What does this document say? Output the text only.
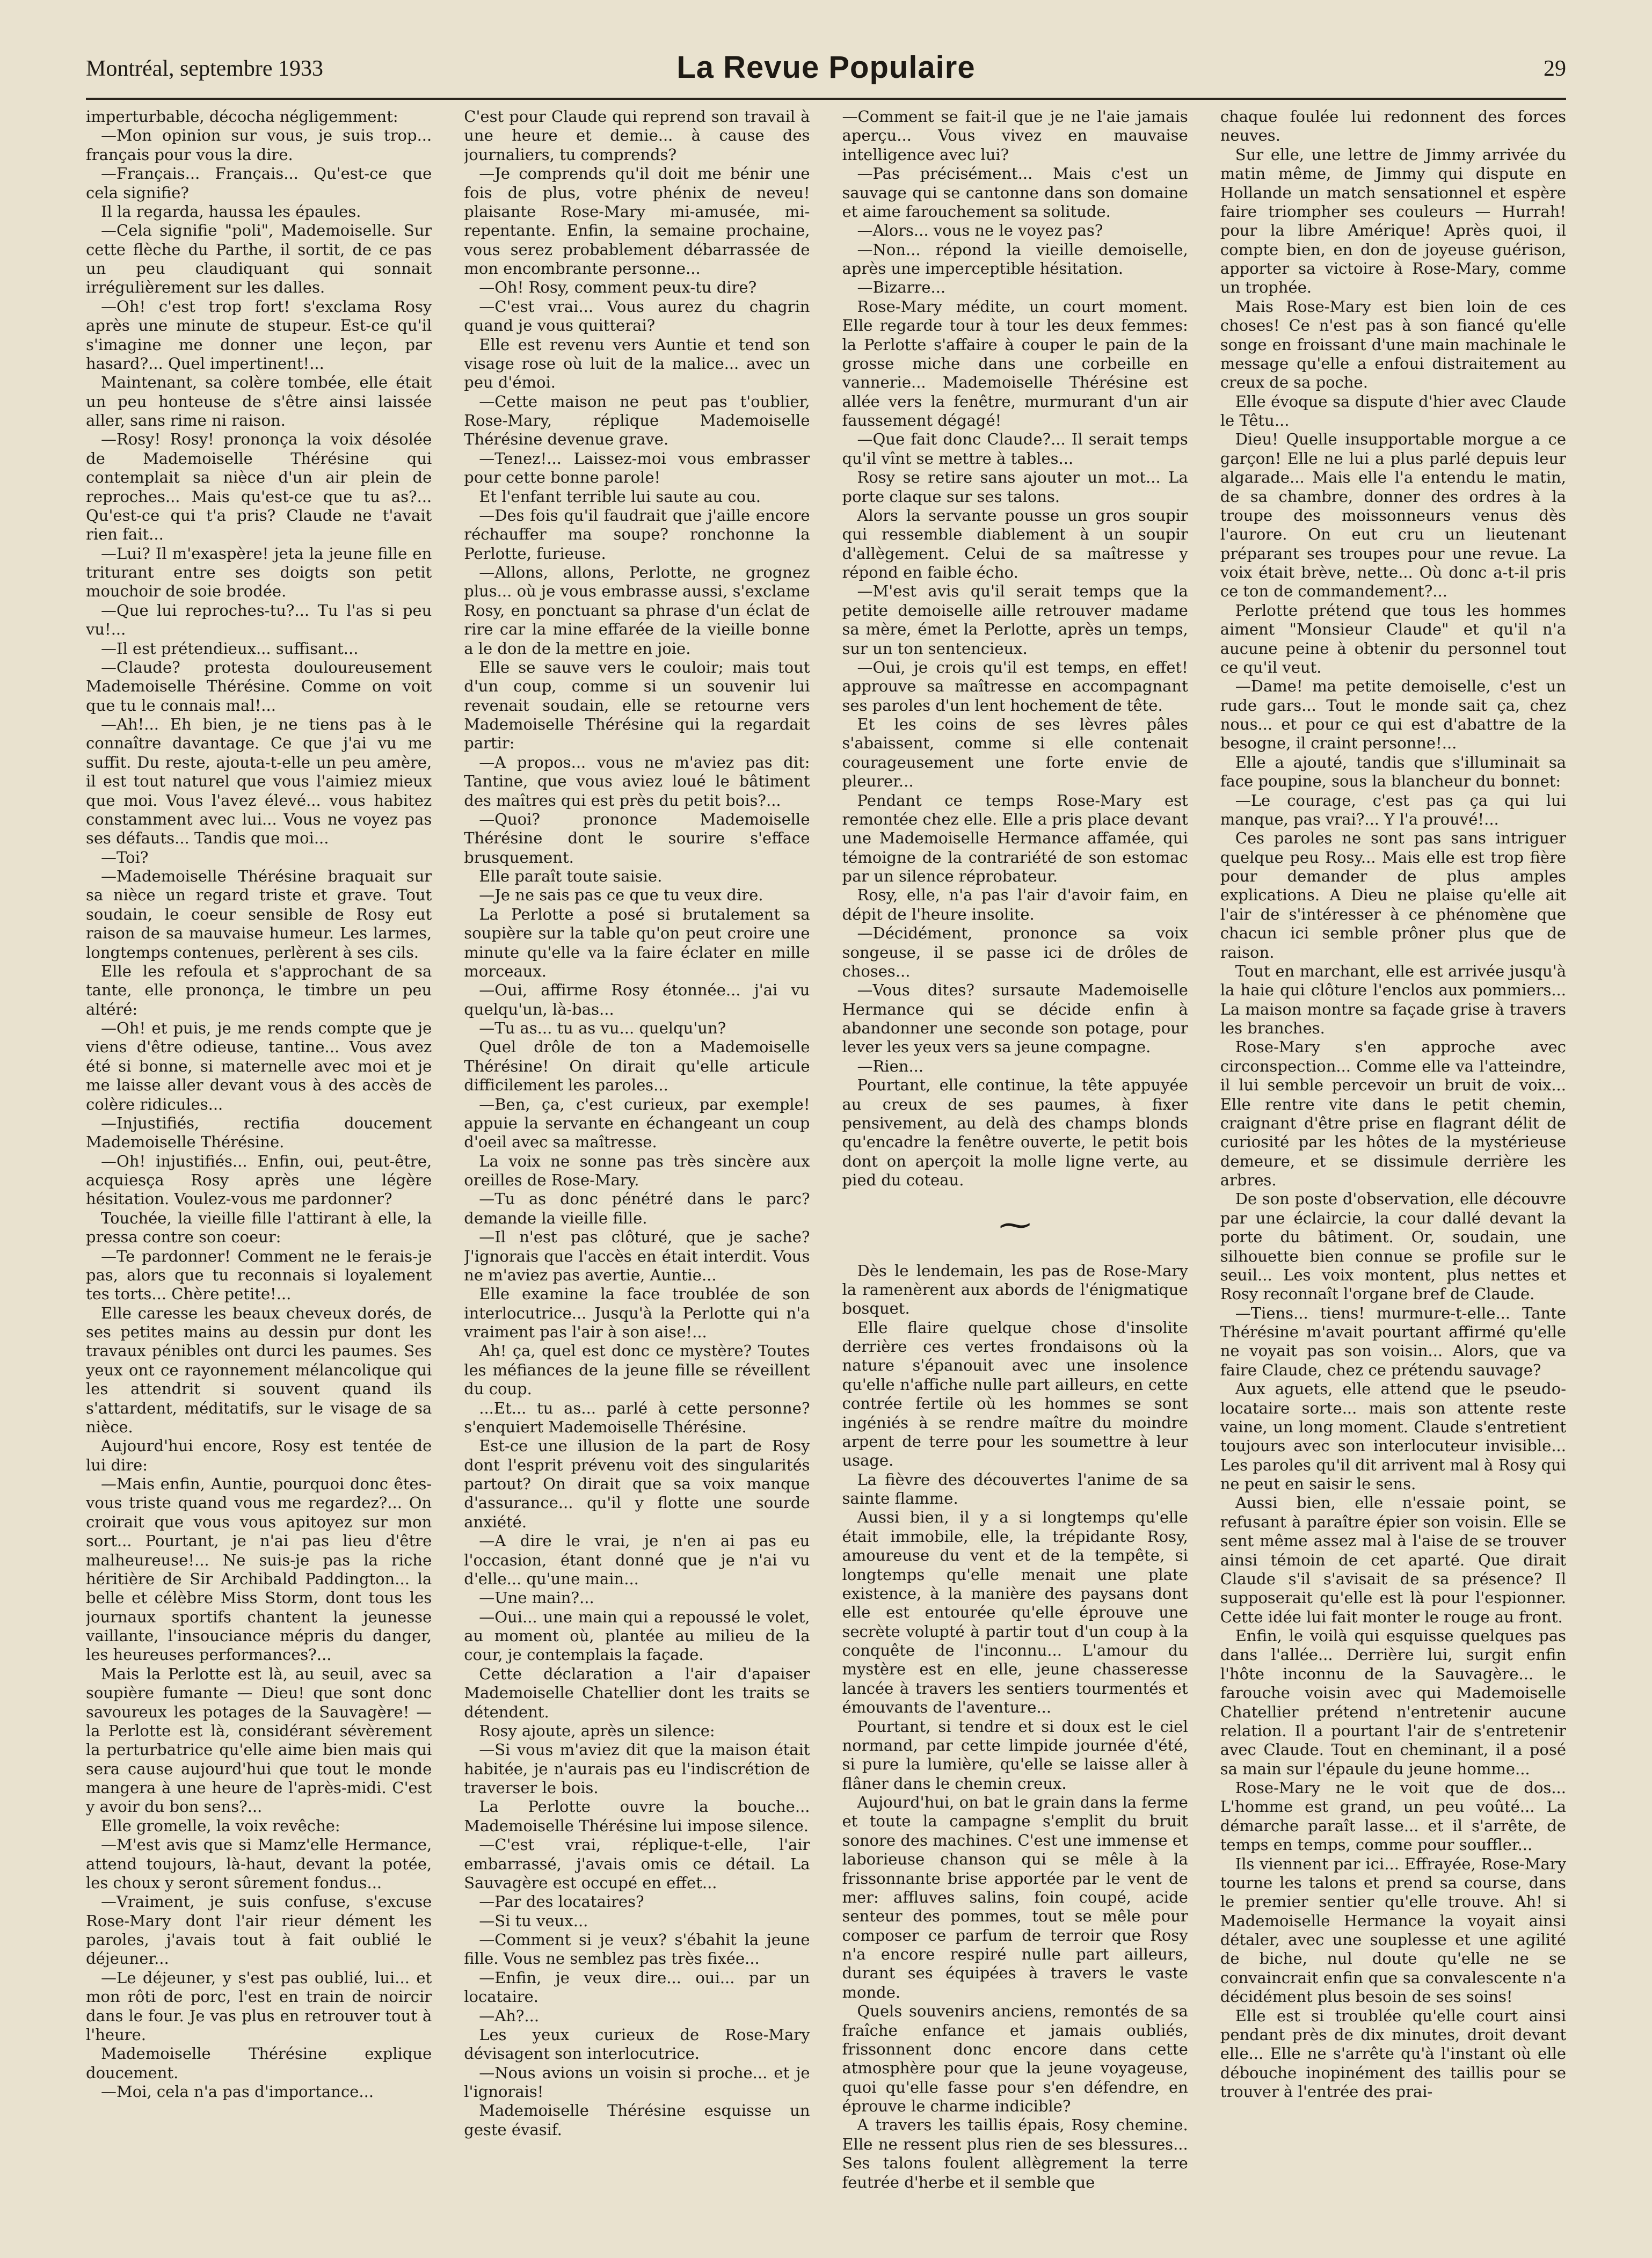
Montréal, septembre 1933	La Revue Populaire	29

imperturbable, décocha négligemment:

—Mon opinion sur vous, je suis trop... français pour vous la dire.

—Français... Français... Qu'est-ce que cela signifie?

Il la regarda, haussa les épaules.

—Cela signifie "poli", Mademoiselle. Sur cette flèche du Parthe, il sortit, de ce pas un peu claudiquant qui sonnait irrégulièrement sur les dalles.

—Oh! c'est trop fort! s'exclama Rosy après une minute de stupeur. Est-ce qu'il s'imagine me donner une leçon, par hasard?... Quel impertinent!...

Maintenant, sa colère tombée, elle était un peu honteuse de s'être ainsi laissée aller, sans rime ni raison.

—Rosy! Rosy! prononça la voix désolée de Mademoiselle Thérésine qui contemplait sa nièce d'un air plein de reproches... Mais qu'est-ce que tu as?... Qu'est-ce qui t'a pris? Claude ne t'avait rien fait...

—Lui? Il m'exaspère! jeta la jeune fille en triturant entre ses doigts son petit mouchoir de soie brodée.

—Que lui reproches-tu?... Tu l'as si peu vu!...

—Il est prétendieux... suffisant...

—Claude? protesta douloureusement Mademoiselle Thérésine. Comme on voit que tu le connais mal!...

—Ah!... Eh bien, je ne tiens pas à le connaître davantage. Ce que j'ai vu me suffit. Du reste, ajouta-t-elle un peu amère, il est tout naturel que vous l'aimiez mieux que moi. Vous l'avez élevé... vous habitez constamment avec lui... Vous ne voyez pas ses défauts... Tandis que moi...

—Toi?

—Mademoiselle Thérésine braquait sur sa nièce un regard triste et grave. Tout soudain, le coeur sensible de Rosy eut raison de sa mauvaise humeur. Les larmes, longtemps contenues, perlèrent à ses cils.

Elle les refoula et s'approchant de sa tante, elle prononça, le timbre un peu altéré:

—Oh! et puis, je me rends compte que je viens d'être odieuse, tantine... Vous avez été si bonne, si maternelle avec moi et je me laisse aller devant vous à des accès de colère ridicules...

—Injustifiés, rectifia doucement Mademoiselle Thérésine.

—Oh! injustifiés... Enfin, oui, peut-être, acquiesça Rosy après une légère hésitation. Voulez-vous me pardonner?

Touchée, la vieille fille l'attirant à elle, la pressa contre son coeur:

—Te pardonner! Comment ne le ferais-je pas, alors que tu reconnais si loyalement tes torts... Chère petite!...

Elle caresse les beaux cheveux dorés, de ses petites mains au dessin pur dont les travaux pénibles ont durci les paumes. Ses yeux ont ce rayonnement mélancolique qui les attendrit si souvent quand ils s'attardent, méditatifs, sur le visage de sa nièce.

Aujourd'hui encore, Rosy est tentée de lui dire:

—Mais enfin, Auntie, pourquoi donc êtes-vous triste quand vous me regardez?... On croirait que vous vous apitoyez sur mon sort... Pourtant, je n'ai pas lieu d'être malheureuse!... Ne suis-je pas la riche héritière de Sir Archibald Paddington... la belle et célèbre Miss Storm, dont tous les journaux sportifs chantent la jeunesse vaillante, l'insouciance mépris du danger, les heureuses performances?...

Mais la Perlotte est là, au seuil, avec sa soupière fumante — Dieu! que sont donc savoureux les potages de la Sauvagère! — la Perlotte est là, considérant sévèrement la perturbatrice qu'elle aime bien mais qui sera cause aujourd'hui que tout le monde mangera à une heure de l'après-midi. C'est y avoir du bon sens?...

Elle gromelle, la voix revêche:

—M'est avis que si Mamz'elle Hermance, attend toujours, là-haut, devant la potée, les choux y seront sûrement fondus...

—Vraiment, je suis confuse, s'excuse Rose-Mary dont l'air rieur dément les paroles, j'avais tout à fait oublié le déjeuner...

—Le déjeuner, y s'est pas oublié, lui... et mon rôti de porc, l'est en train de noircir dans le four. Je vas plus en retrouver tout à l'heure.

Mademoiselle Thérésine explique doucement.

—Moi, cela n'a pas d'importance...

C'est pour Claude qui reprend son travail à une heure et demie... à cause des journaliers, tu comprends?

—Je comprends qu'il doit me bénir une fois de plus, votre phénix de neveu! plaisante Rose-Mary mi-amusée, mi-repentante. Enfin, la semaine prochaine, vous serez probablement débarrassée de mon encombrante personne...

—Oh! Rosy, comment peux-tu dire?

—C'est vrai... Vous aurez du chagrin quand je vous quitterai?

Elle est revenu vers Auntie et tend son visage rose où luit de la malice... avec un peu d'émoi.

—Cette maison ne peut pas t'oublier, Rose-Mary, réplique Mademoiselle Thérésine devenue grave.

—Tenez!... Laissez-moi vous embrasser pour cette bonne parole!

Et l'enfant terrible lui saute au cou.

—Des fois qu'il faudrait que j'aille encore réchauffer ma soupe? ronchonne la Perlotte, furieuse.

—Allons, allons, Perlotte, ne grognez plus... où je vous embrasse aussi, s'exclame Rosy, en ponctuant sa phrase d'un éclat de rire car la mine effarée de la vieille bonne a le don de la mettre en joie.

Elle se sauve vers le couloir; mais tout d'un coup, comme si un souvenir lui revenait soudain, elle se retourne vers Mademoiselle Thérésine qui la regardait partir:

—A propos... vous ne m'aviez pas dit: Tantine, que vous aviez loué le bâtiment des maîtres qui est près du petit bois?...

—Quoi? prononce Mademoiselle Thérésine dont le sourire s'efface brusquement.

Elle paraît toute saisie.

—Je ne sais pas ce que tu veux dire.

La Perlotte a posé si brutalement sa soupière sur la table qu'on peut croire une minute qu'elle va la faire éclater en mille morceaux.

—Oui, affirme Rosy étonnée... j'ai vu quelqu'un, là-bas...

—Tu as... tu as vu... quelqu'un?

Quel drôle de ton a Mademoiselle Thérésine! On dirait qu'elle articule difficilement les paroles...

—Ben, ça, c'est curieux, par exemple! appuie la servante en échangeant un coup d'oeil avec sa maîtresse.

La voix ne sonne pas très sincère aux oreilles de Rose-Mary.

—Tu as donc pénétré dans le parc? demande la vieille fille.

—Il n'est pas clôturé, que je sache? J'ignorais que l'accès en était interdit. Vous ne m'aviez pas avertie, Auntie...

Elle examine la face troublée de son interlocutrice... Jusqu'à la Perlotte qui n'a vraiment pas l'air à son aise!...

Ah! ça, quel est donc ce mystère? Toutes les méfiances de la jeune fille se réveillent du coup.

...Et... tu as... parlé à cette personne? s'enquiert Mademoiselle Thérésine.

Est-ce une illusion de la part de Rosy dont l'esprit prévenu voit des singularités partout? On dirait que sa voix manque d'assurance... qu'il y flotte une sourde anxiété.

—A dire le vrai, je n'en ai pas eu l'occasion, étant donné que je n'ai vu d'elle... qu'une main...

—Une main?...

—Oui... une main qui a repoussé le volet, au moment où, plantée au milieu de la cour, je contemplais la façade.

Cette déclaration a l'air d'apaiser Mademoiselle Chatellier dont les traits se détendent.

Rosy ajoute, après un silence:

—Si vous m'aviez dit que la maison était habitée, je n'aurais pas eu l'indiscrétion de traverser le bois.

La Perlotte ouvre la bouche... Mademoiselle Thérésine lui impose silence.

—C'est vrai, réplique-t-elle, l'air embarrassé, j'avais omis ce détail. La Sauvagère est occupé en effet...

—Par des locataires?

—Si tu veux...

—Comment si je veux? s'ébahit la jeune fille. Vous ne semblez pas très fixée...

—Enfin, je veux dire... oui... par un locataire.

—Ah?...

Les yeux curieux de Rose-Mary dévisagent son interlocutrice.

—Nous avions un voisin si proche... et je l'ignorais!

Mademoiselle Thérésine esquisse un geste évasif.

—Comment se fait-il que je ne l'aie jamais aperçu... Vous vivez en mauvaise intelligence avec lui?

—Pas précisément... Mais c'est un sauvage qui se cantonne dans son domaine et aime farouchement sa solitude.

—Alors... vous ne le voyez pas?

—Non... répond la vieille demoiselle, après une imperceptible hésitation.

—Bizarre...

Rose-Mary médite, un court moment. Elle regarde tour à tour les deux femmes: la Perlotte s'affaire à couper le pain de la grosse miche dans une corbeille en vannerie... Mademoiselle Thérésine est allée vers la fenêtre, murmurant d'un air faussement dégagé!

—Que fait donc Claude?... Il serait temps qu'il vînt se mettre à tables...

Rosy se retire sans ajouter un mot... La porte claque sur ses talons.

Alors la servante pousse un gros soupir qui ressemble diablement à un soupir d'allègement. Celui de sa maîtresse y répond en faible écho.

—M'est avis qu'il serait temps que la petite demoiselle aille retrouver madame sa mère, émet la Perlotte, après un temps, sur un ton sentencieux.

—Oui, je crois qu'il est temps, en effet! approuve sa maîtresse en accompagnant ses paroles d'un lent hochement de tête.

Et les coins de ses lèvres pâles s'abaissent, comme si elle contenait courageusement une forte envie de pleurer...

Pendant ce temps Rose-Mary est remontée chez elle. Elle a pris place devant une Mademoiselle Hermance affamée, qui témoigne de la contrariété de son estomac par un silence réprobateur.

Rosy, elle, n'a pas l'air d'avoir faim, en dépit de l'heure insolite.

—Décidément, prononce sa voix songeuse, il se passe ici de drôles de choses...

—Vous dites? sursaute Mademoiselle Hermance qui se décide enfin à abandonner une seconde son potage, pour lever les yeux vers sa jeune compagne.

—Rien...

Pourtant, elle continue, la tête appuyée au creux de ses paumes, à fixer pensivement, au delà des champs blonds qu'encadre la fenêtre ouverte, le petit bois dont on aperçoit la molle ligne verte, au pied du coteau.

⁓

Dès le lendemain, les pas de Rose-Mary la ramenèrent aux abords de l'énigmatique bosquet.

Elle flaire quelque chose d'insolite derrière ces vertes frondaisons où la nature s'épanouit avec une insolence qu'elle n'affiche nulle part ailleurs, en cette contrée fertile où les hommes se sont ingéniés à se rendre maître du moindre arpent de terre pour les soumettre à leur usage.

La fièvre des découvertes l'anime de sa sainte flamme.

Aussi bien, il y a si longtemps qu'elle était immobile, elle, la trépidante Rosy, amoureuse du vent et de la tempête, si longtemps qu'elle menait une plate existence, à la manière des paysans dont elle est entourée qu'elle éprouve une secrète volupté à partir tout d'un coup à la conquête de l'inconnu... L'amour du mystère est en elle, jeune chasseresse lancée à travers les sentiers tourmentés et émouvants de l'aventure...

Pourtant, si tendre et si doux est le ciel normand, par cette limpide journée d'été, si pure la lumière, qu'elle se laisse aller à flâner dans le chemin creux.

Aujourd'hui, on bat le grain dans la ferme et toute la campagne s'emplit du bruit sonore des machines. C'est une immense et laborieuse chanson qui se mêle à la frissonnante brise apportée par le vent de mer: affluves salins, foin coupé, acide senteur des pommes, tout se mêle pour composer ce parfum de terroir que Rosy n'a encore respiré nulle part ailleurs, durant ses équipées à travers le vaste monde.

Quels souvenirs anciens, remontés de sa fraîche enfance et jamais oubliés, frissonnent donc encore dans cette atmosphère pour que la jeune voyageuse, quoi qu'elle fasse pour s'en défendre, en éprouve le charme indicible?

A travers les taillis épais, Rosy chemine. Elle ne ressent plus rien de ses blessures... Ses talons foulent allègrement la terre feutrée d'herbe et il semble que

chaque foulée lui redonnent des forces neuves.

Sur elle, une lettre de Jimmy arrivée du matin même, de Jimmy qui dispute en Hollande un match sensationnel et espère faire triompher ses couleurs — Hurrah! pour la libre Amérique! Après quoi, il compte bien, en don de joyeuse guérison, apporter sa victoire à Rose-Mary, comme un trophée.

Mais Rose-Mary est bien loin de ces choses! Ce n'est pas à son fiancé qu'elle songe en froissant d'une main machinale le message qu'elle a enfoui distraitement au creux de sa poche.

Elle évoque sa dispute d'hier avec Claude le Têtu...

Dieu! Quelle insupportable morgue a ce garçon! Elle ne lui a plus parlé depuis leur algarade... Mais elle l'a entendu le matin, de sa chambre, donner des ordres à la troupe des moissonneurs venus dès l'aurore. On eut cru un lieutenant préparant ses troupes pour une revue. La voix était brève, nette... Où donc a-t-il pris ce ton de commandement?...

Perlotte prétend que tous les hommes aiment "Monsieur Claude" et qu'il n'a aucune peine à obtenir du personnel tout ce qu'il veut.

—Dame! ma petite demoiselle, c'est un rude gars... Tout le monde sait ça, chez nous... et pour ce qui est d'abattre de la besogne, il craint personne!...

Elle a ajouté, tandis que s'illuminait sa face poupine, sous la blancheur du bonnet:

—Le courage, c'est pas ça qui lui manque, pas vrai?... Y l'a prouvé!...

Ces paroles ne sont pas sans intriguer quelque peu Rosy... Mais elle est trop fière pour demander de plus amples explications. A Dieu ne plaise qu'elle ait l'air de s'intéresser à ce phénomène que chacun ici semble prôner plus que de raison.

Tout en marchant, elle est arrivée jusqu'à la haie qui clôture l'enclos aux pommiers... La maison montre sa façade grise à travers les branches.

Rose-Mary s'en approche avec circonspection... Comme elle va l'atteindre, il lui semble percevoir un bruit de voix... Elle rentre vite dans le petit chemin, craignant d'être prise en flagrant délit de curiosité par les hôtes de la mystérieuse demeure, et se dissimule derrière les arbres.

De son poste d'observation, elle découvre par une éclaircie, la cour dallé devant la porte du bâtiment. Or, soudain, une silhouette bien connue se profile sur le seuil... Les voix montent, plus nettes et Rosy reconnaît l'organe bref de Claude.

—Tiens... tiens! murmure-t-elle... Tante Thérésine m'avait pourtant affirmé qu'elle ne voyait pas son voisin... Alors, que va faire Claude, chez ce prétendu sauvage?

Aux aguets, elle attend que le pseudo-locataire sorte... mais son attente reste vaine, un long moment. Claude s'entretient toujours avec son interlocuteur invisible... Les paroles qu'il dit arrivent mal à Rosy qui ne peut en saisir le sens.

Aussi bien, elle n'essaie point, se refusant à paraître épier son voisin. Elle se sent même assez mal à l'aise de se trouver ainsi témoin de cet aparté. Que dirait Claude s'il s'avisait de sa présence? Il supposerait qu'elle est là pour l'espionner. Cette idée lui fait monter le rouge au front.

Enfin, le voilà qui esquisse quelques pas dans l'allée... Derrière lui, surgit enfin l'hôte inconnu de la Sauvagère... le farouche voisin avec qui Mademoiselle Chatellier prétend n'entretenir aucune relation. Il a pourtant l'air de s'entretenir avec Claude. Tout en cheminant, il a posé sa main sur l'épaule du jeune homme...

Rose-Mary ne le voit que de dos... L'homme est grand, un peu voûté... La démarche paraît lasse... et il s'arrête, de temps en temps, comme pour souffler...

Ils viennent par ici... Effrayée, Rose-Mary tourne les talons et prend sa course, dans le premier sentier qu'elle trouve. Ah! si Mademoiselle Hermance la voyait ainsi détaler, avec une souplesse et une agilité de biche, nul doute qu'elle ne se convaincrait enfin que sa convalescente n'a décidément plus besoin de ses soins!

Elle est si troublée qu'elle court ainsi pendant près de dix minutes, droit devant elle... Elle ne s'arrête qu'à l'instant où elle débouche inopinément des taillis pour se trouver à l'entrée des prai-
